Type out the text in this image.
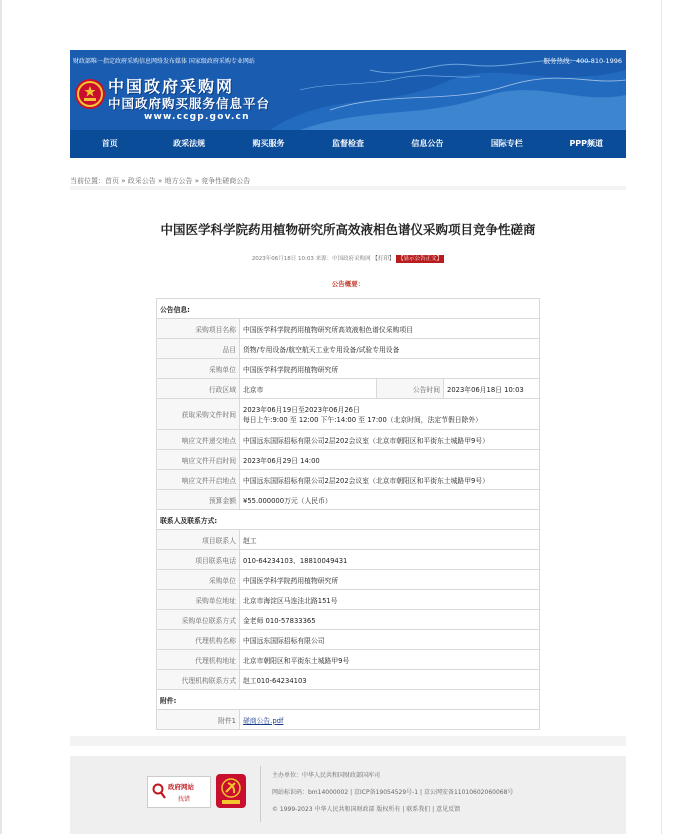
财政部唯一指定政府采购信息网络发布媒体 国家级政府采购专业网站	服务热线：400-810-1996
中国政府采购网
中国政府购买服务信息平台
www.ccgp.gov.cn
首页	政采法规	购买服务	监督检查	信息公告	国际专栏	PPP频道
当前位置：首页 » 政采公告 » 地方公告 » 竞争性磋商公告
中国医学科学院药用植物研究所高效液相色谱仪采购项目竞争性磋商
2023年06月18日 10:03 来源：中国政府采购网 【打印】 【显示公告正文】
公告概要：
公告信息:			
采购项目名称	中国医学科学院药用植物研究所高效液相色谱仪采购项目		
品目	货物/专用设备/航空航天工业专用设备/试验专用设备		
采购单位	中国医学科学院药用植物研究所		
行政区域	北京市	公告时间	2023年06月18日 10:03
获取采购文件时间	2023年06月19日至2023年06月26日
每日上午:9:00 至 12:00 下午:14:00 至 17:00（北京时间，法定节假日除外）		

响应文件递交地点	中国远东国际招标有限公司2层202会议室（北京市朝阳区和平街东土城路甲9号）		
响应文件开启时间	2023年06月29日 14:00		
响应文件开启地点	中国远东国际招标有限公司2层202会议室（北京市朝阳区和平街东土城路甲9号）		
预算金额	¥55.000000万元（人民币）		
联系人及联系方式:			
项目联系人	赵工		
项目联系电话	010-64234103、18810049431		
采购单位	中国医学科学院药用植物研究所		
采购单位地址	北京市海淀区马连洼北路151号		
采购单位联系方式	金老师 010-57833365		
代理机构名称	中国远东国际招标有限公司		
代理机构地址	北京市朝阳区和平街东土城路甲9号		
代理机构联系方式	赵工010-64234103		
附件:			
附件1	磋商公告.pdf		
政府网站
找错
主办单位：中华人民共和国财政部国库司
网站标识码：bm14000002 | 京ICP备19054529号-1 | 京公网安备11010602060068号
© 1999-2023 中华人民共和国财政部 版权所有 | 联系我们 | 意见反馈
